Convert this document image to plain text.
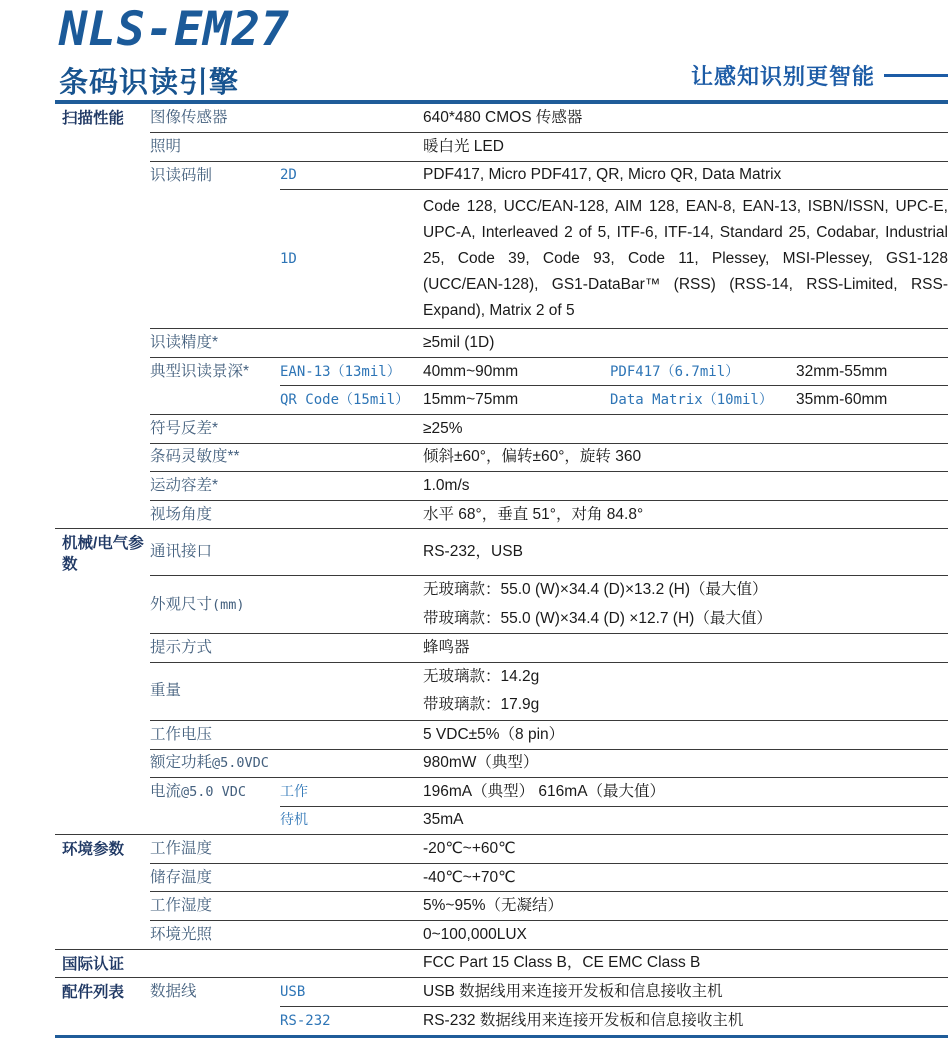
NLS-EM27
条码识读引擎	让感知识别更智能
扫描性能	图像传感器		640*480 CMOS 传感器
	照明		暖白光 LED
	识读码制	2D	PDF417, Micro PDF417, QR, Micro QR, Data Matrix
		1D	Code 128, UCC/EAN-128, AIM 128, EAN-8, EAN-13, ISBN/ISSN, UPC-E, UPC-A, Interleaved 2 of 5, ITF-6, ITF-14, Standard 25, Codabar, Industrial 25, Code 39, Code 93, Code 11, Plessey, MSI-Plessey, GS1-128 (UCC/EAN-128), GS1-DataBar™ (RSS) (RSS-14, RSS-Limited, RSS-Expand), Matrix 2 of 5
	识读精度*		≥5mil (1D)
	典型识读景深*	EAN-13（13mil）	40mm~90mm PDF417（6.7mil） 32mm-55mm

		QR Code（15mil）	15mm~75mm Data Matrix（10mil） 35mm-60mm

	符号反差*		≥25%
	条码灵敏度**		倾斜±60°，偏转±60°，旋转 360
	运动容差*		1.0m/s
	视场角度		水平 68°，垂直 51°，对角 84.8°

机械/电气参数	通讯接口		RS-232，USB
	外观尺寸(mm)		无玻璃款：55.0 (W)×34.4 (D)×13.2 (H)（最大值）
带玻璃款：55.0 (W)×34.4 (D) ×12.7 (H)（最大值）

	提示方式		蜂鸣器
	重量		无玻璃款：14.2g
带玻璃款：17.9g

	工作电压		5 VDC±5%（8 pin）
	额定功耗@5.0VDC		980mW（典型）
	电流@5.0 VDC	工作	196mA（典型） 616mA（最大值）
		待机	35mA

环境参数	工作温度		-20℃~+60℃
	储存温度		-40℃~+70℃
	工作湿度		5%~95%（无凝结）
	环境光照		0~100,000LUX

国际认证			FCC Part 15 Class B，CE EMC Class B

配件列表	数据线	USB	USB 数据线用来连接开发板和信息接收主机
		RS-232	RS-232 数据线用来连接开发板和信息接收主机
